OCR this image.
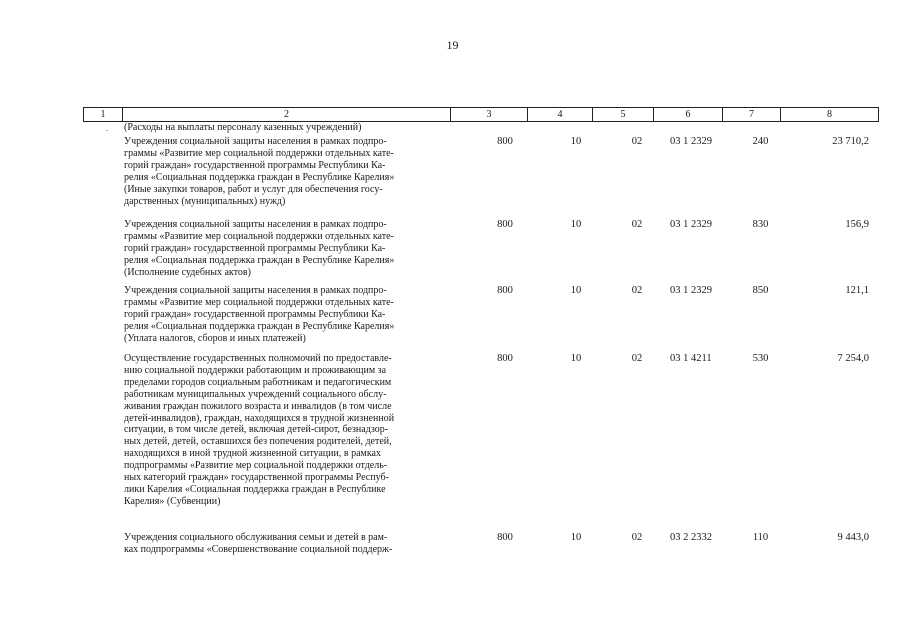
19
1	2	3	4	5	6	7	8
. (Расходы на выплаты персоналу казенных учреждений)
Учреждения социальной защиты населения в рамках подпро-
граммы «Развитие мер социальной поддержки отдельных кате-
горий граждан» государственной программы Республики Ка-
релия «Социальная поддержка граждан в Республике Карелия»
(Иные закупки товаров, работ и услуг для обеспечения госу-
дарственных (муниципальных) нужд)
800	10	02	03 1 2329	240	23 710,2
Учреждения социальной защиты населения в рамках подпро-
граммы «Развитие мер социальной поддержки отдельных кате-
горий граждан» государственной программы Республики Ка-
релия «Социальная поддержка граждан в Республике Карелия»
(Исполнение судебных актов)
800	10	02	03 1 2329	830	156,9
Учреждения социальной защиты населения в рамках подпро-
граммы «Развитие мер социальной поддержки отдельных кате-
горий граждан» государственной программы Республики Ка-
релия «Социальная поддержка граждан в Республике Карелия»
(Уплата налогов, сборов и иных платежей)
800	10	02	03 1 2329	850	121,1
Осуществление государственных полномочий по предоставле-
нию социальной поддержки работающим и проживающим за
пределами городов социальным работникам и педагогическим
работникам муниципальных учреждений социального обслу-
живания граждан пожилого возраста и инвалидов (в том числе
детей-инвалидов), граждан, находящихся в трудной жизненной
ситуации, в том числе детей, включая детей-сирот, безнадзор-
ных детей, детей, оставшихся без попечения родителей, детей,
находящихся в иной трудной жизненной ситуации, в рамках
подпрограммы «Развитие мер социальной поддержки отдель-
ных категорий граждан» государственной программы Респуб-
лики Карелия «Социальная поддержка граждан в Республике
Карелия» (Субвенции)
800	10	02	03 1 4211	530	7 254,0
Учреждения социального обслуживания семьи и детей в рам-
ках подпрограммы «Совершенствование социальной поддерж-
800	10	02	03 2 2332	110	9 443,0
